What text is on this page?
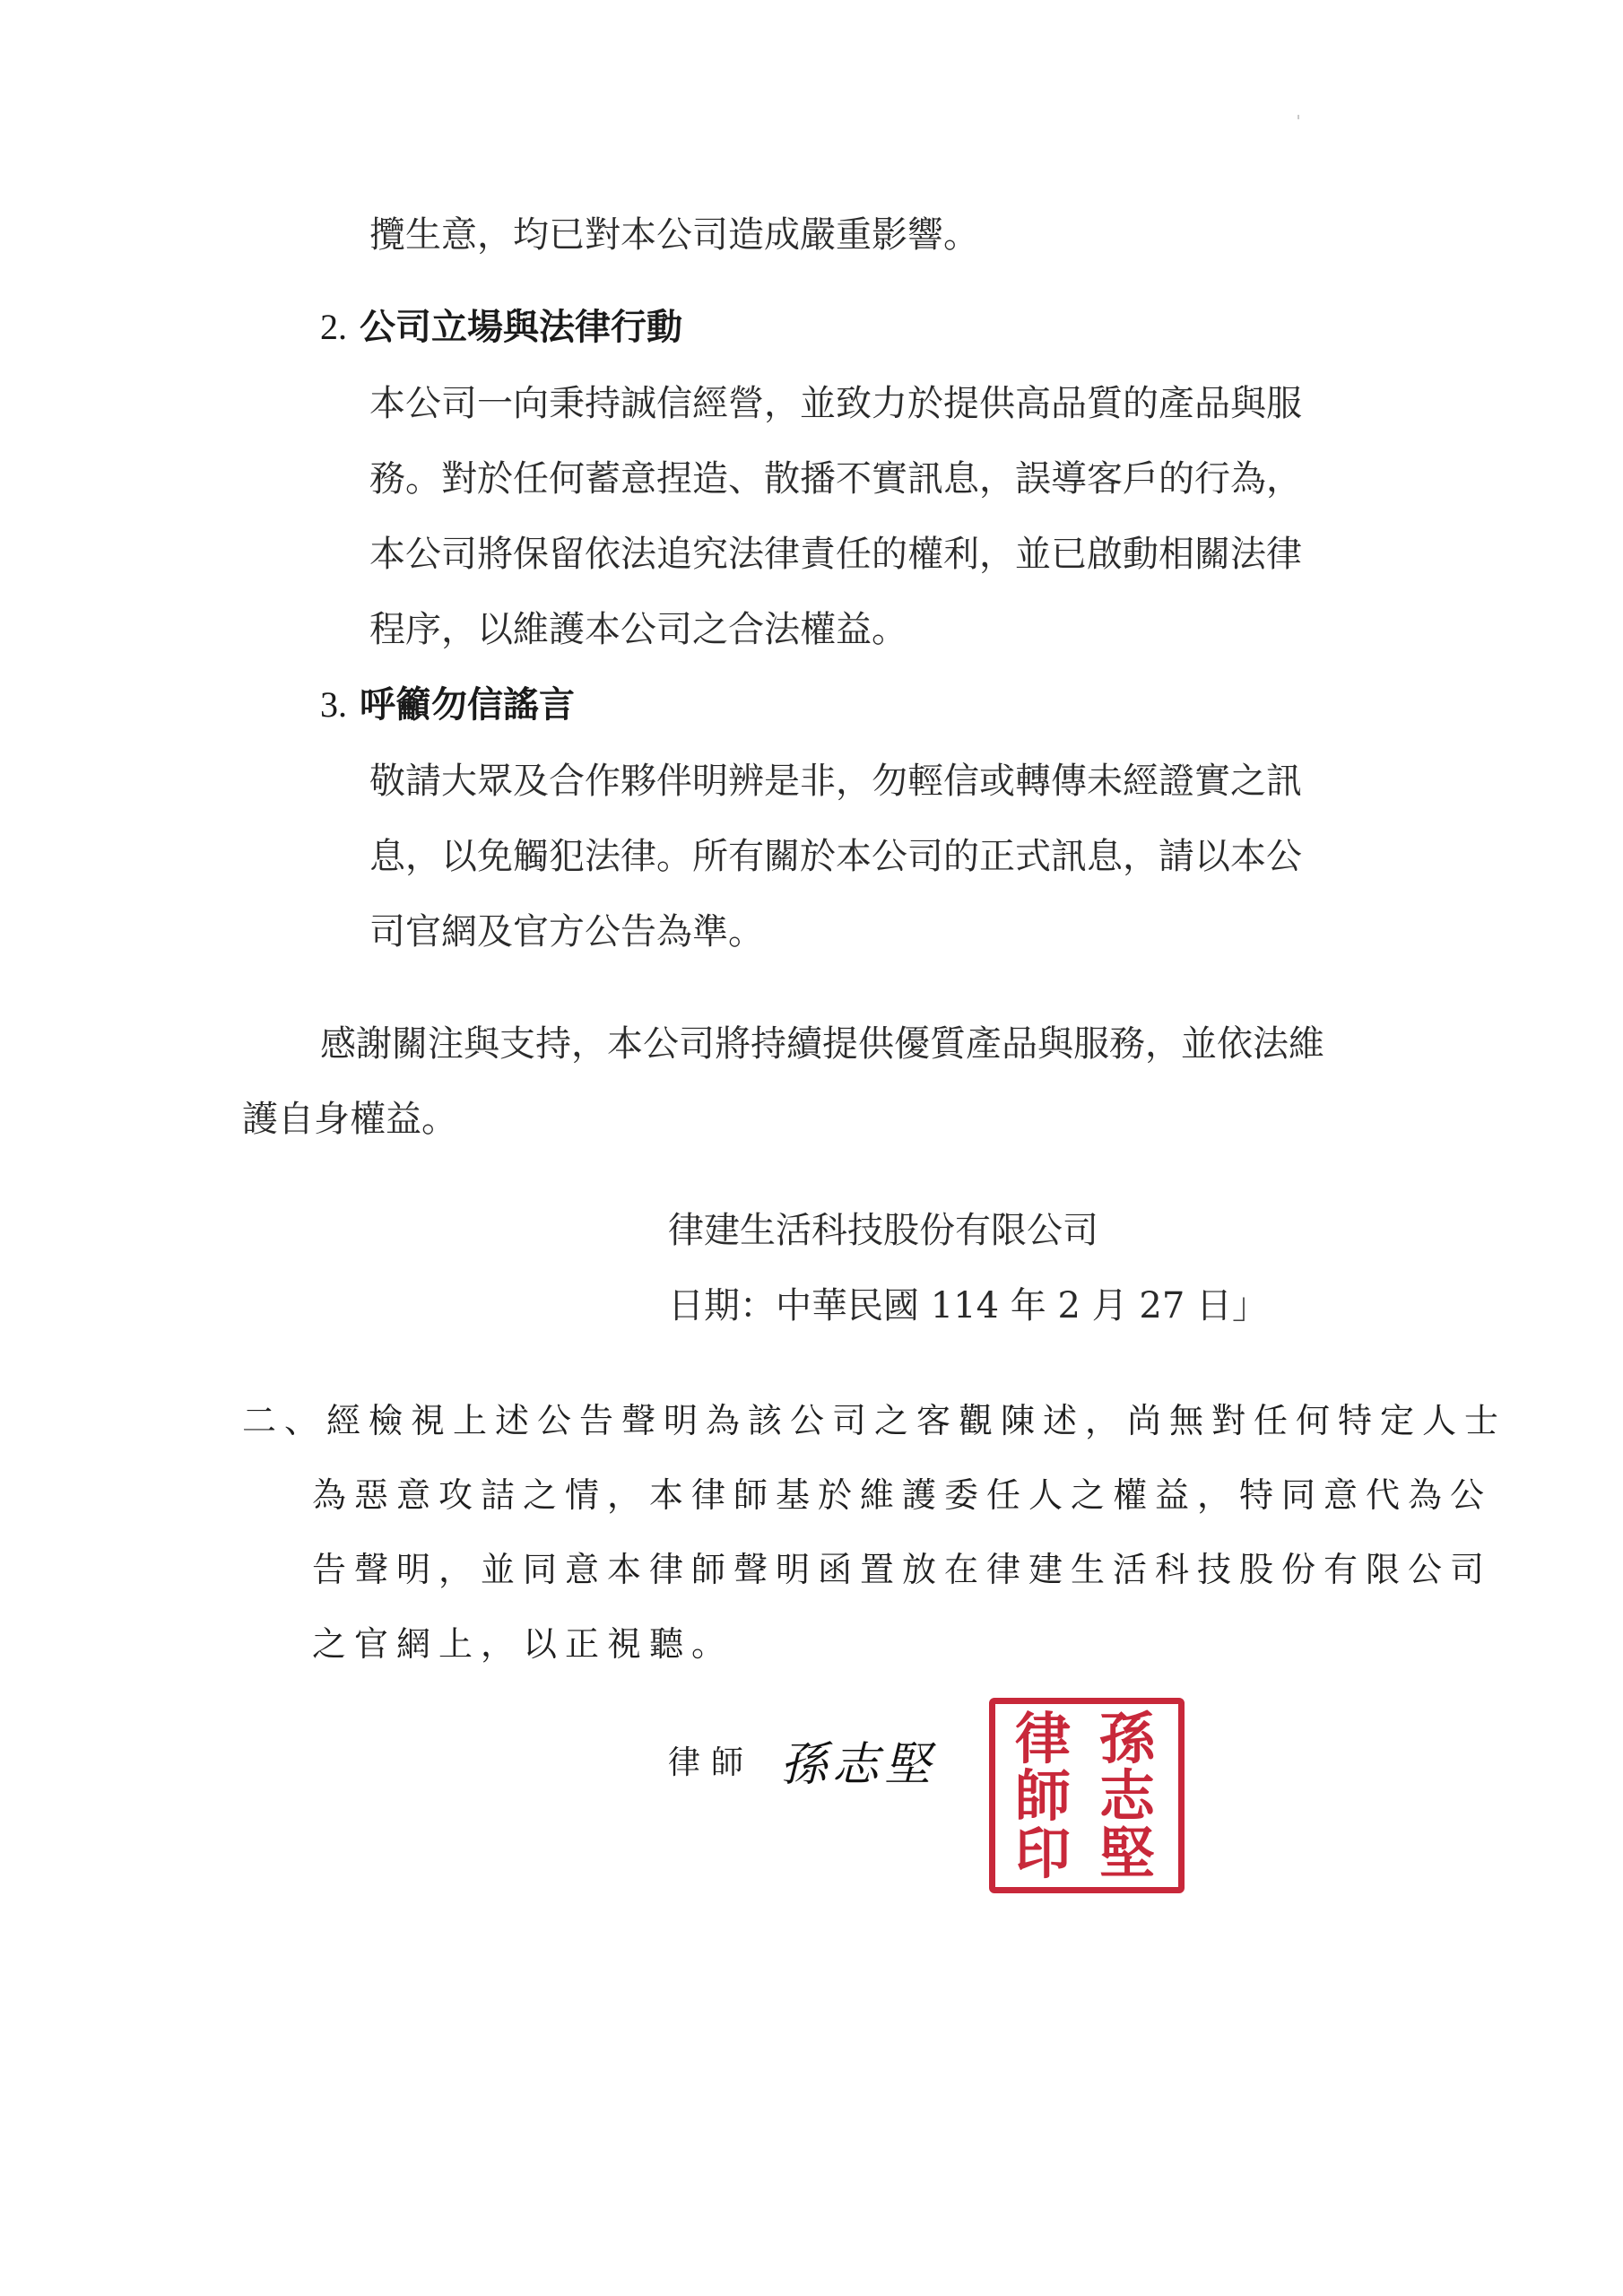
攬生意，均已對本公司造成嚴重影響。
2. 公司立場與法律行動
本公司一向秉持誠信經營，並致力於提供高品質的產品與服
務。對於任何蓄意捏造、散播不實訊息，誤導客戶的行為，
本公司將保留依法追究法律責任的權利，並已啟動相關法律
程序，以維護本公司之合法權益。
3. 呼籲勿信謠言
敬請大眾及合作夥伴明辨是非，勿輕信或轉傳未經證實之訊
息，以免觸犯法律。所有關於本公司的正式訊息，請以本公
司官網及官方公告為準。
感謝關注與支持，本公司將持續提供優質產品與服務，並依法維
護自身權益。
律建生活科技股份有限公司
日期：中華民國 114 年 2 月 27 日」
二、經檢視上述公告聲明為該公司之客觀陳述，尚無對任何特定人士
為惡意攻詰之情，本律師基於維護委任人之權益，特同意代為公
告聲明，並同意本律師聲明函置放在律建生活科技股份有限公司
之官網上，以正視聽。
律師 孫志堅	孫
志
堅
律
師
印
